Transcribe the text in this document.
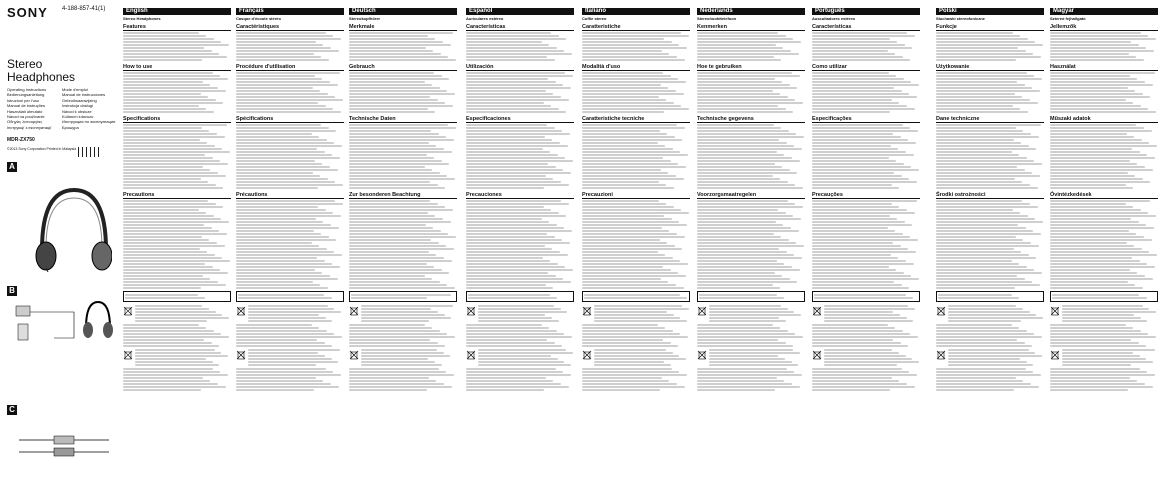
SONY 4-188-857-41(1)
Stereo
Headphones
Operating Instructions	Mode d'emploi
Bedienungsanleitung	Manual de instrucciones
Istruzioni per l'uso	Gebruiksaanwijzing
Manual de instruções	Instrukcja obsługi
Használati útmutató	Návod k obsluze
Návod na používanie	Kullanım kılavuzu
Οδηγίες λειτουργίας	Инструкция по эксплуатации
Інструкції з експлуатації	Брошура
MDR-ZX750
©2013 Sony Corporation Printed in Malaysia
A
B
C
English
Stereo Headphones
Features
How to use
Specifications
Precautions
Français
Casque d'écoute stéréo
Caractéristiques
Procédure d'utilisation
Spécifications
Précautions
Deutsch
Stereokopfhörer
Merkmale
Gebrauch
Technische Daten
Zur besonderen Beachtung
Español
Auriculares estéreo
Características
Utilización
Especificaciones
Precauciones
Italiano
Cuffie stereo
Caratteristiche
Modalità d'uso
Caratteristiche tecniche
Precauzioni
Nederlands
Stereohoofdtelefoon
Kenmerken
Hoe te gebruiken
Technische gegevens
Voorzorgsmaatregelen
Português
Auscultadores estéreo
Características
Como utilizar
Especificações
Precauções
Polski
Słuchawki stereofoniczne
Funkcje
Użytkowanie
Dane techniczne
Środki ostrożności
Magyar
Sztereó fejhallgató
Jellemzők
Használat
Műszaki adatok
Óvintézkedések
